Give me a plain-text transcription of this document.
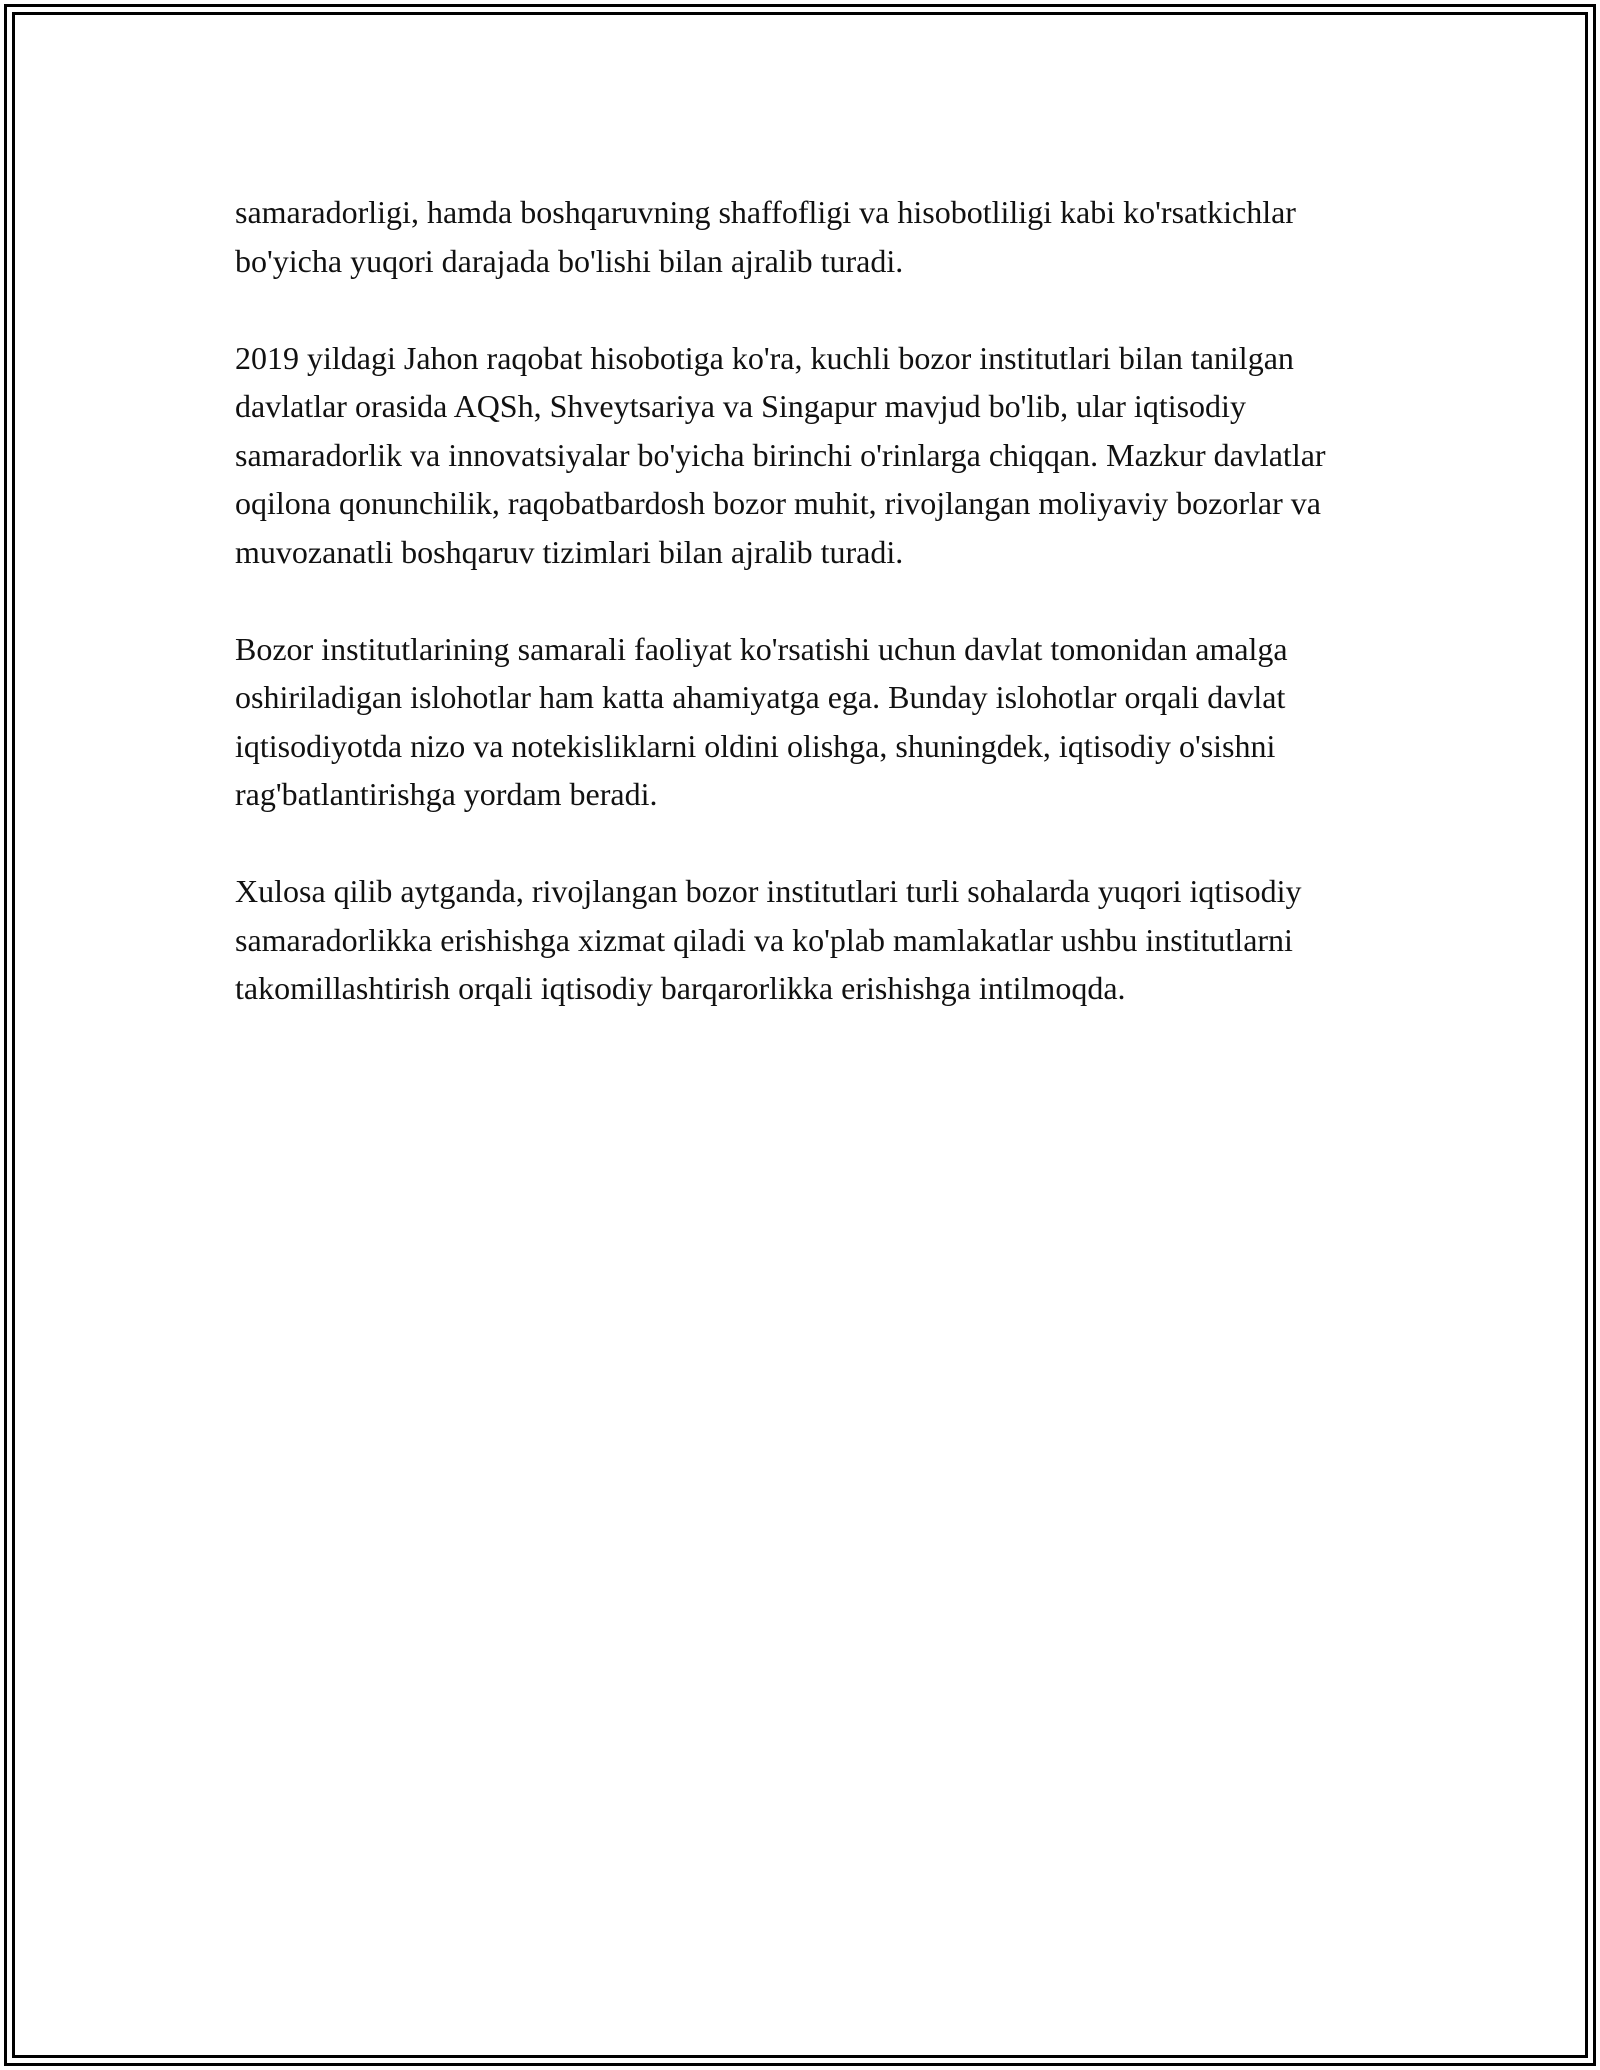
samaradorligi, hamda boshqaruvning shaffofligi va hisobotliligi kabi ko'rsatkichlar bo'yicha yuqori darajada bo'lishi bilan ajralib turadi.

2019 yildagi Jahon raqobat hisobotiga ko'ra, kuchli bozor institutlari bilan tanilgan davlatlar orasida AQSh, Shveytsariya va Singapur mavjud bo'lib, ular iqtisodiy samaradorlik va innovatsiyalar bo'yicha birinchi o'rinlarga chiqqan. Mazkur davlatlar oqilona qonunchilik, raqobatbardosh bozor muhit, rivojlangan moliyaviy bozorlar va muvozanatli boshqaruv tizimlari bilan ajralib turadi.

Bozor institutlarining samarali faoliyat ko'rsatishi uchun davlat tomonidan amalga oshiriladigan islohotlar ham katta ahamiyatga ega. Bunday islohotlar orqali davlat iqtisodiyotda nizo va notekisliklarni oldini olishga, shuningdek, iqtisodiy o'sishni rag'batlantirishga yordam beradi.

Xulosa qilib aytganda, rivojlangan bozor institutlari turli sohalarda yuqori iqtisodiy samaradorlikka erishishga xizmat qiladi va ko'plab mamlakatlar ushbu institutlarni takomillashtirish orqali iqtisodiy barqarorlikka erishishga intilmoqda.
